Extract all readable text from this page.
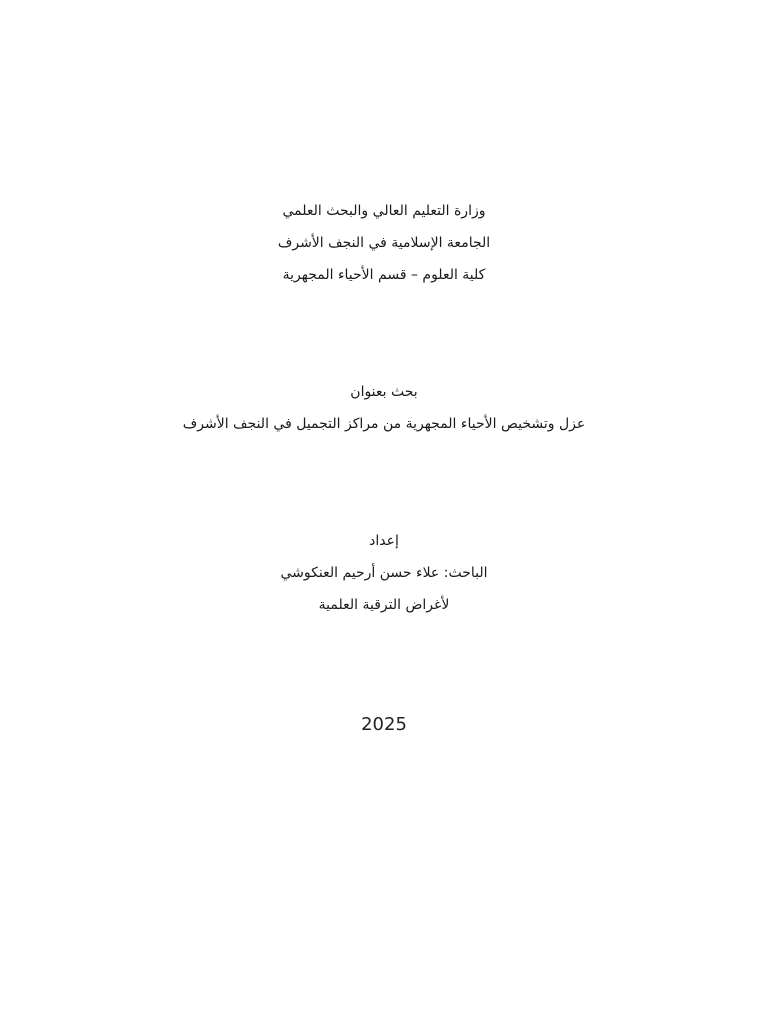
وزارة التعليم العالي والبحث العلمي
الجامعة الإسلامية في النجف الأشرف
كلية العلوم – قسم الأحياء المجهرية
بحث بعنوان
عزل وتشخيص الأحياء المجهرية من مراكز التجميل في النجف الأشرف
إعداد
الباحث: علاء حسن أرحيم العنكوشي
لأغراض الترقية العلمية
2025
